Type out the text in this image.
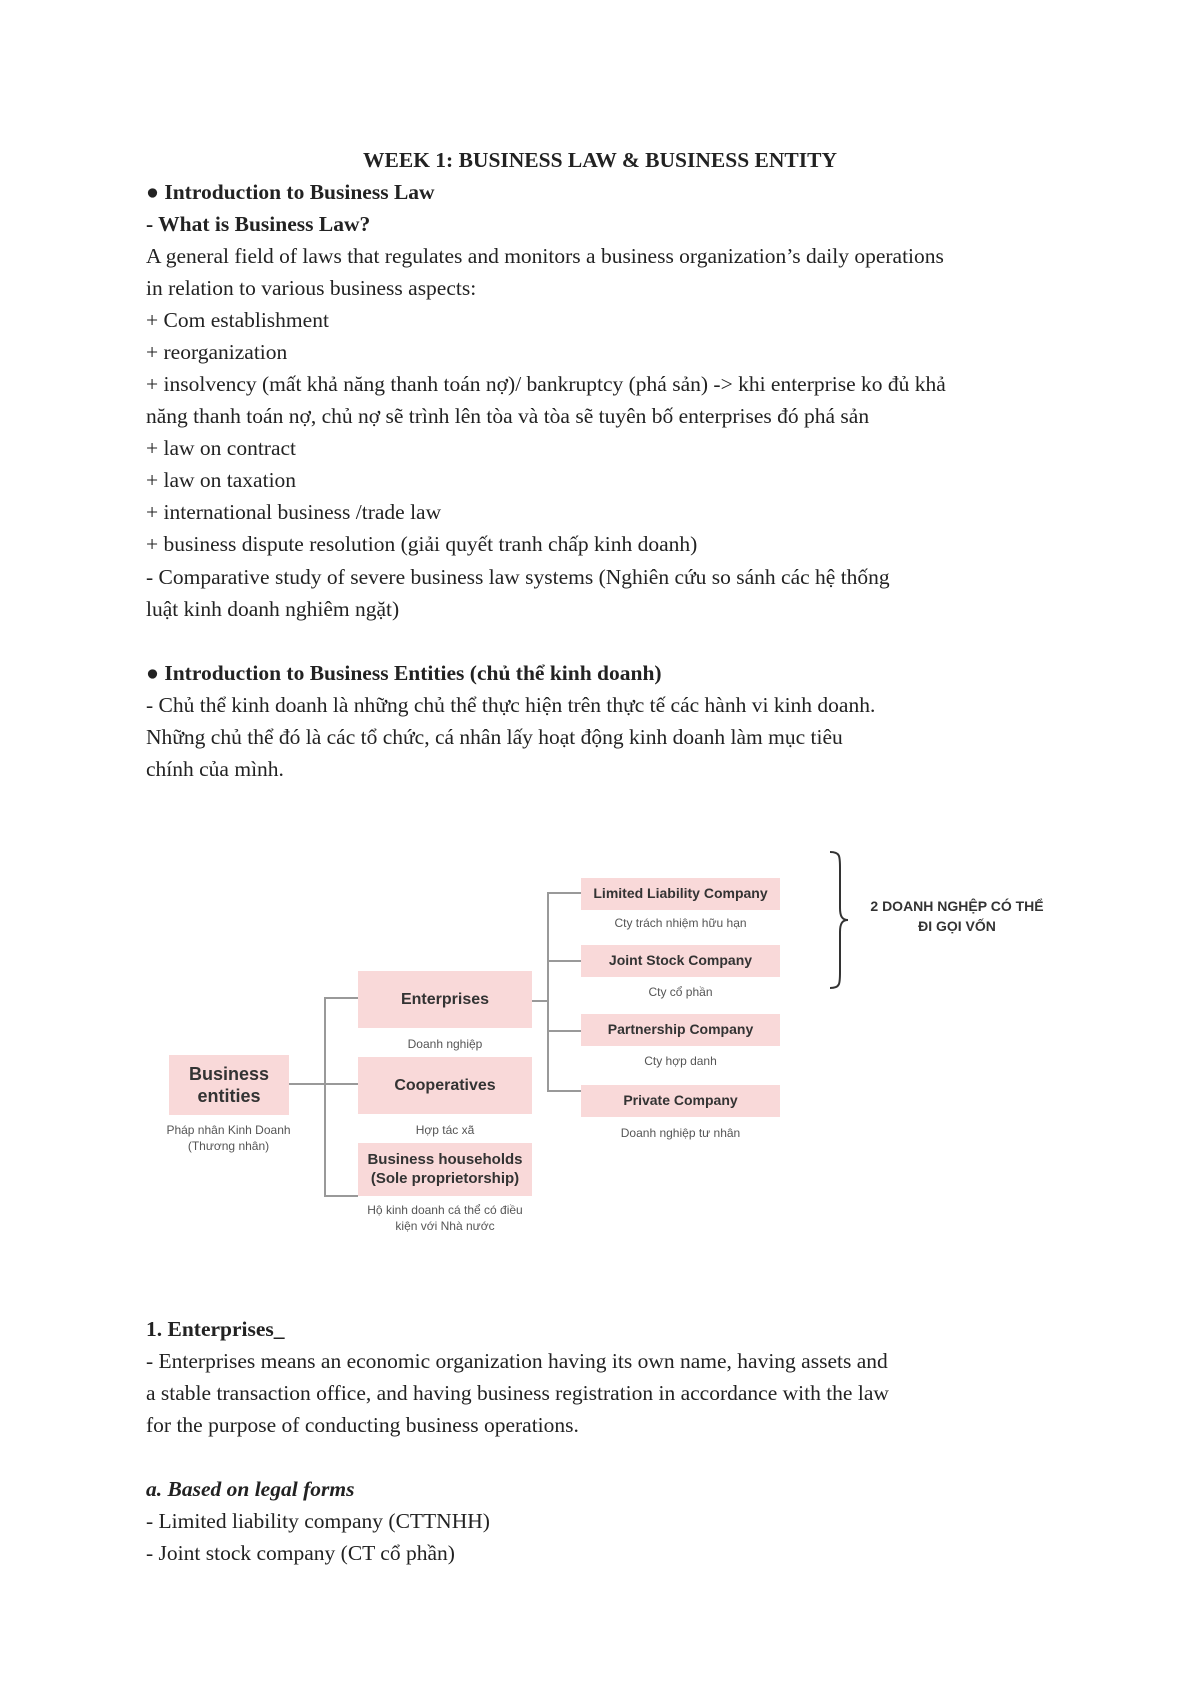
WEEK 1: BUSINESS LAW & BUSINESS ENTITY
● Introduction to Business Law
- What is Business Law?
A general field of laws that regulates and monitors a business organization’s daily operations
in relation to various business aspects:
+ Com establishment
+ reorganization
+ insolvency (mất khả năng thanh toán nợ)/ bankruptcy (phá sản) -> khi enterprise ko đủ khả
năng thanh toán nợ, chủ nợ sẽ trình lên tòa và tòa sẽ tuyên bố enterprises đó phá sản
+ law on contract
+ law on taxation
+ international business /trade law
+ business dispute resolution (giải quyết tranh chấp kinh doanh)
- Comparative study of severe business law systems (Nghiên cứu so sánh các hệ thống
luật kinh doanh nghiêm ngặt)
● Introduction to Business Entities (chủ thể kinh doanh)
- Chủ thể kinh doanh là những chủ thể thực hiện trên thực tế các hành vi kinh doanh.
Những chủ thể đó là các tổ chức, cá nhân lấy hoạt động kinh doanh làm mục tiêu
chính của mình.
Business entities
Pháp nhân Kinh Doanh
(Thương nhân)
Enterprises
Doanh nghiệp
Cooperatives
Hợp tác xã
Business households
(Sole proprietorship)
Hộ kinh doanh cá thể có điều
kiện với Nhà nước
Limited Liability Company
Cty trách nhiệm hữu hạn
Joint Stock Company
Cty cổ phần
Partnership Company
Cty hợp danh
Private Company
Doanh nghiệp tư nhân
2 DOANH NGHỆP CÓ THỂ
ĐI GỌI VỐN
1. Enterprises_
- Enterprises means an economic organization having its own name, having assets and
a stable transaction office, and having business registration in accordance with the law
for the purpose of conducting business operations.
a. Based on legal forms
- Limited liability company (CTTNHH)
- Joint stock company (CT cổ phần)
